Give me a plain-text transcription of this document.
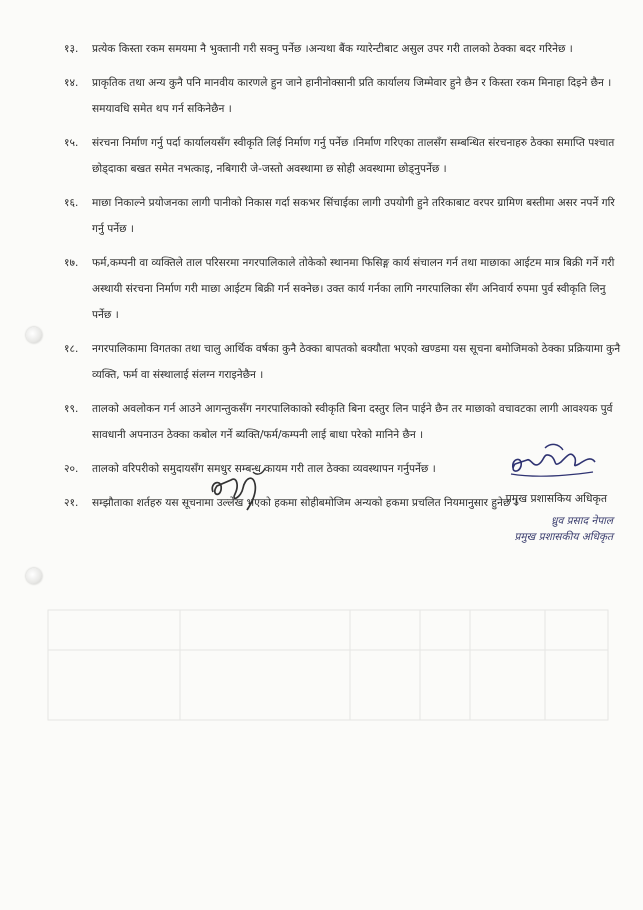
१३. प्रत्येक किस्ता रकम समयमा नै भुक्तानी गरी सक्नु पर्नेछ ।अन्यथा बैंक ग्यारेन्टीबाट असुल उपर गरी तालको ठेक्का बदर गरिनेछ ।
१४. प्राकृतिक तथा अन्य कुनै पनि मानवीय कारणले हुन जाने हानीनोक्सानी प्रति कार्यालय जिम्मेवार हुने छैन र किस्ता रकम मिनाहा दिइने छैन । समयावधि समेत थप गर्न सकिनेछैन ।
१५. संरचना निर्माण गर्नु पर्दा कार्यालयसँग स्वीकृति लिई निर्माण गर्नु पर्नेछ ।निर्माण गरिएका तालसँग सम्बन्धित संरचनाहरु ठेक्का समाप्ति पश्चात छोड्दाका बखत समेत नभत्काइ, नबिगारी जे-जस्तो अवस्थामा छ सोही अवस्थामा छोड्नुपर्नेछ ।
१६. माछा निकाल्ने प्रयोजनका लागी पानीको निकास गर्दा सकभर सिंचाईका लागी उपयोगी हुने तरिकाबाट वरपर ग्रामिण बस्तीमा असर नपर्ने गरि गर्नु पर्नेछ ।
१७. फर्म,कम्पनी वा व्यक्तिले ताल परिसरमा नगरपालिकाले तोकेको स्थानमा फिसिङ्ग कार्य संचालन गर्न तथा माछाका आईटम मात्र बिक्री गर्ने गरी अस्थायी संरचना निर्माण गरी माछा आईटम बिक्री गर्न सक्नेछ। उक्त कार्य गर्नका लागि नगरपालिका सँग अनिवार्य रुपमा पुर्व स्वीकृति लिनु पर्नेछ ।
१८. नगरपालिकामा विगतका तथा चालु आर्थिक वर्षका कुनै ठेक्का बापतको बक्यौता भएको खण्डमा यस सूचना बमोजिमको ठेक्का प्रक्रियामा कुनै व्यक्ति, फर्म वा संस्थालाई संलग्न गराइनेछैन ।
१९. तालको अवलोकन गर्न आउने आगन्तुकसँग नगरपालिकाको स्वीकृति बिना दस्तुर लिन पाईने छैन तर माछाको वचावटका लागी आवश्यक पुर्व सावधानी अपनाउन ठेक्का कबोल गर्ने ब्यक्ति/फर्म/कम्पनी लाई बाधा परेको मानिने छैन ।
२०. तालको वरिपरीको समुदायसँग समधुर सम्बन्ध कायम गरी ताल ठेक्का व्यवस्थापन गर्नुपर्नेछ ।
२१. सम्झौताका शर्तहरु यस सूचनामा उल्लेख भएको हकमा सोहीबमोजिम अन्यको हकमा प्रचलित नियमानुसार हुनेछ ।
प्रमुख प्रशासकिय अधिकृत
ध्रुव प्रसाद नेपाल
प्रमुख प्रशासकीय अधिकृत
